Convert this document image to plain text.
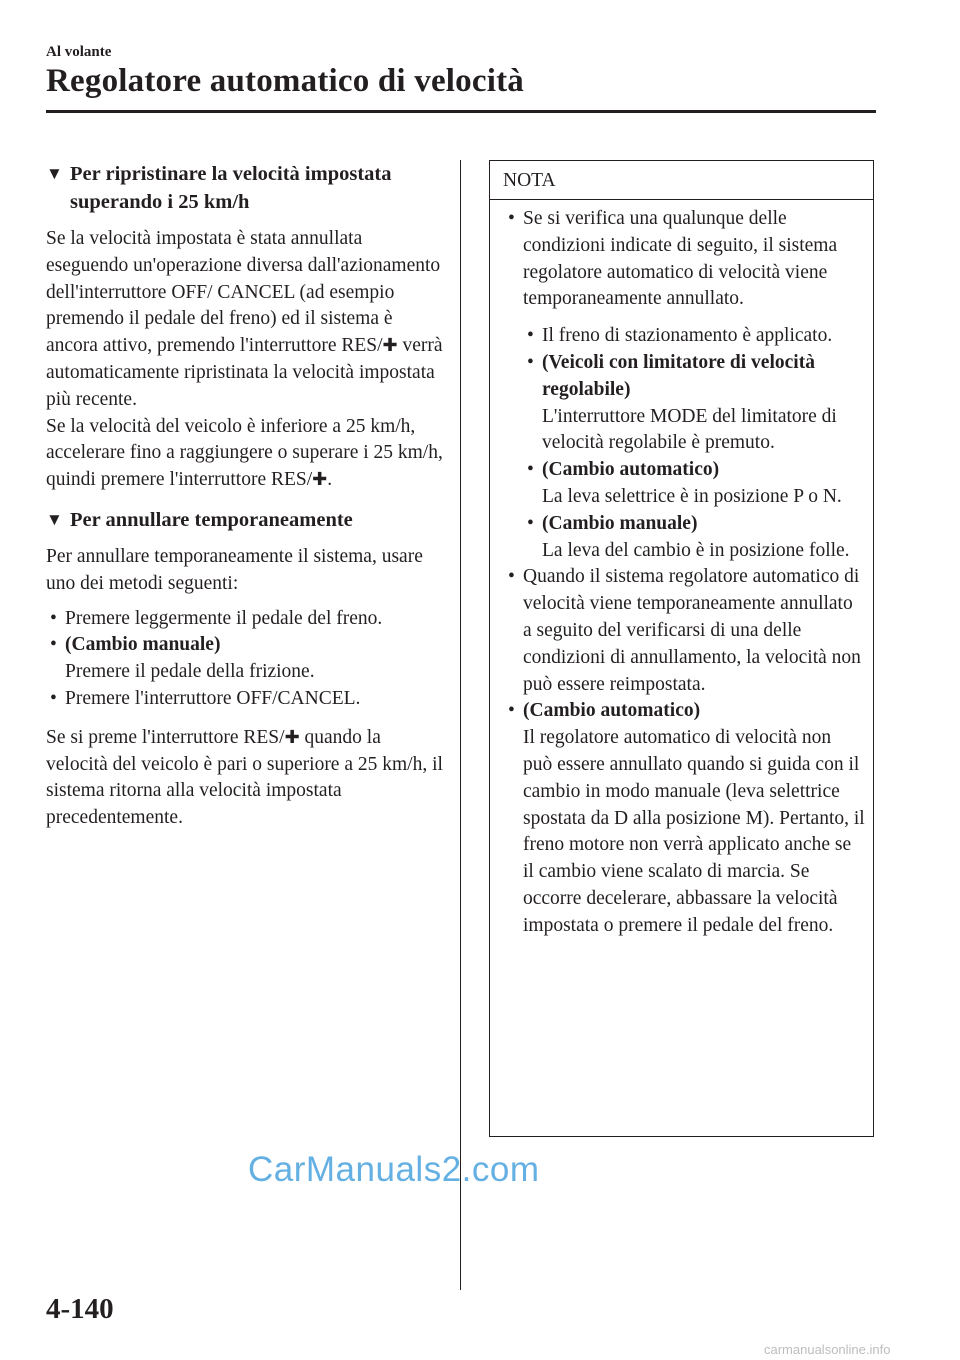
Al volante
Regolatore automatico di velocità
▼ Per ripristinare la velocità impostata superando i 25 km/h
Se la velocità impostata è stata annullata eseguendo un'operazione diversa dall'azionamento dell'interruttore OFF/ CANCEL (ad esempio premendo il pedale del freno) ed il sistema è ancora attivo, premendo l'interruttore RES/✚ verrà automaticamente ripristinata la velocità impostata più recente.
Se la velocità del veicolo è inferiore a 25 km/h, accelerare fino a raggiungere o superare i 25 km/h, quindi premere l'interruttore RES/✚.
▼ Per annullare temporaneamente
Per annullare temporaneamente il sistema, usare uno dei metodi seguenti:
• Premere leggermente il pedale del freno.
• (Cambio manuale)
Premere il pedale della frizione.
• Premere l'interruttore OFF/CANCEL.
Se si preme l'interruttore RES/✚ quando la velocità del veicolo è pari o superiore a 25 km/h, il sistema ritorna alla velocità impostata precedentemente.
NOTA
• Se si verifica una qualunque delle condizioni indicate di seguito, il sistema regolatore automatico di velocità viene temporaneamente annullato.
• Il freno di stazionamento è applicato.
• (Veicoli con limitatore di velocità regolabile)
L'interruttore MODE del limitatore di velocità regolabile è premuto.
• (Cambio automatico)
La leva selettrice è in posizione P o N.
• (Cambio manuale)
La leva del cambio è in posizione folle.
• Quando il sistema regolatore automatico di velocità viene temporaneamente annullato a seguito del verificarsi di una delle condizioni di annullamento, la velocità non può essere reimpostata.
• (Cambio automatico)
Il regolatore automatico di velocità non può essere annullato quando si guida con il cambio in modo manuale (leva selettrice spostata da D alla posizione M). Pertanto, il freno motore non verrà applicato anche se il cambio viene scalato di marcia. Se occorre decelerare, abbassare la velocità impostata o premere il pedale del freno.
CarManuals2.com
4-140
carmanualsonline.info
